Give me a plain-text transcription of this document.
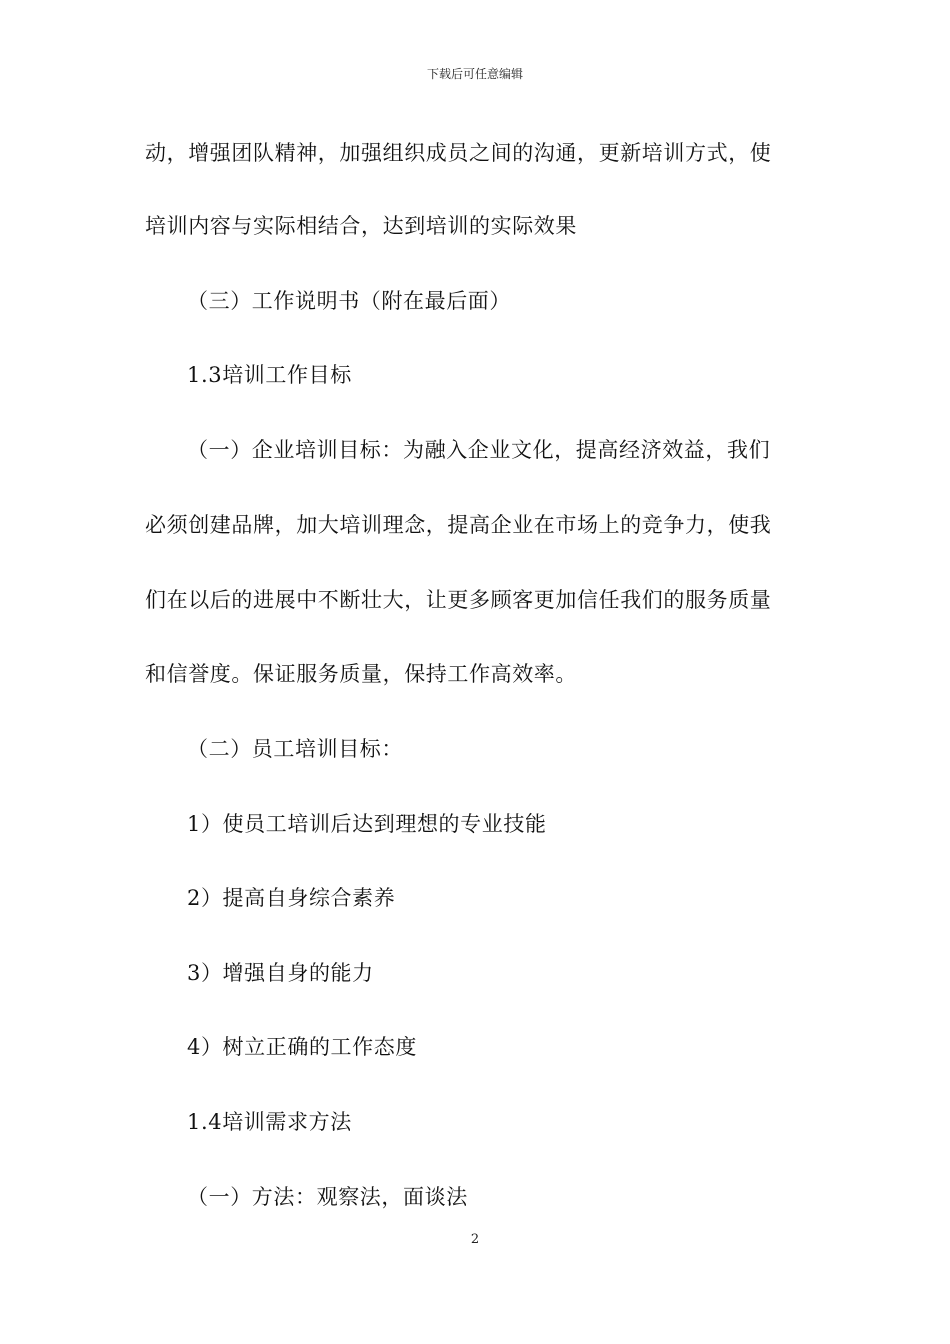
下载后可任意编辑
动，增强团队精神，加强组织成员之间的沟通，更新培训方式，使
培训内容与实际相结合，达到培训的实际效果
（三）工作说明书（附在最后面）
1.3培训工作目标
（一）企业培训目标：为融入企业文化，提高经济效益，我们
必须创建品牌，加大培训理念，提高企业在市场上的竞争力，使我
们在以后的进展中不断壮大，让更多顾客更加信任我们的服务质量
和信誉度。保证服务质量，保持工作高效率。
（二）员工培训目标：
1）使员工培训后达到理想的专业技能
2）提高自身综合素养
3）增强自身的能力
4）树立正确的工作态度
1.4培训需求方法
（一）方法：观察法，面谈法
2
